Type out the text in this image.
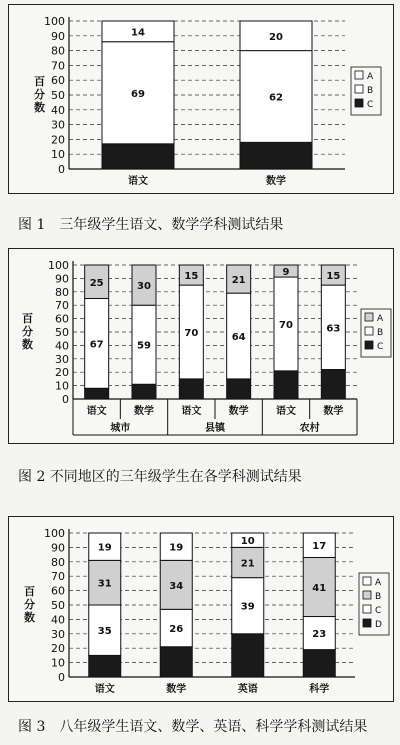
0
10
20
30
40
50
60
70
80
90
100
百分数	69
14
语文
62
20
数学
A
B
C
图 1　三年级学生语文、数学学科测试结果
0
10
20
30
40
50
60
70
80
90
100
百分数	67
25
语文
59
30
数学
70
15
语文
64
21
数学
70
9
语文
63
15
数学
城市	县镇	农村
A
B
C
图 2 不同地区的三年级学生在各学科测试结果
0
10
20
30
40
50
60
70
80
90
100
百分数
35
31
19
语文
26
34
19
数学
39
21
10
英语
23
41
17
科学
A
B
C
D
图 3　八年级学生语文、数学、英语、科学学科测试结果
